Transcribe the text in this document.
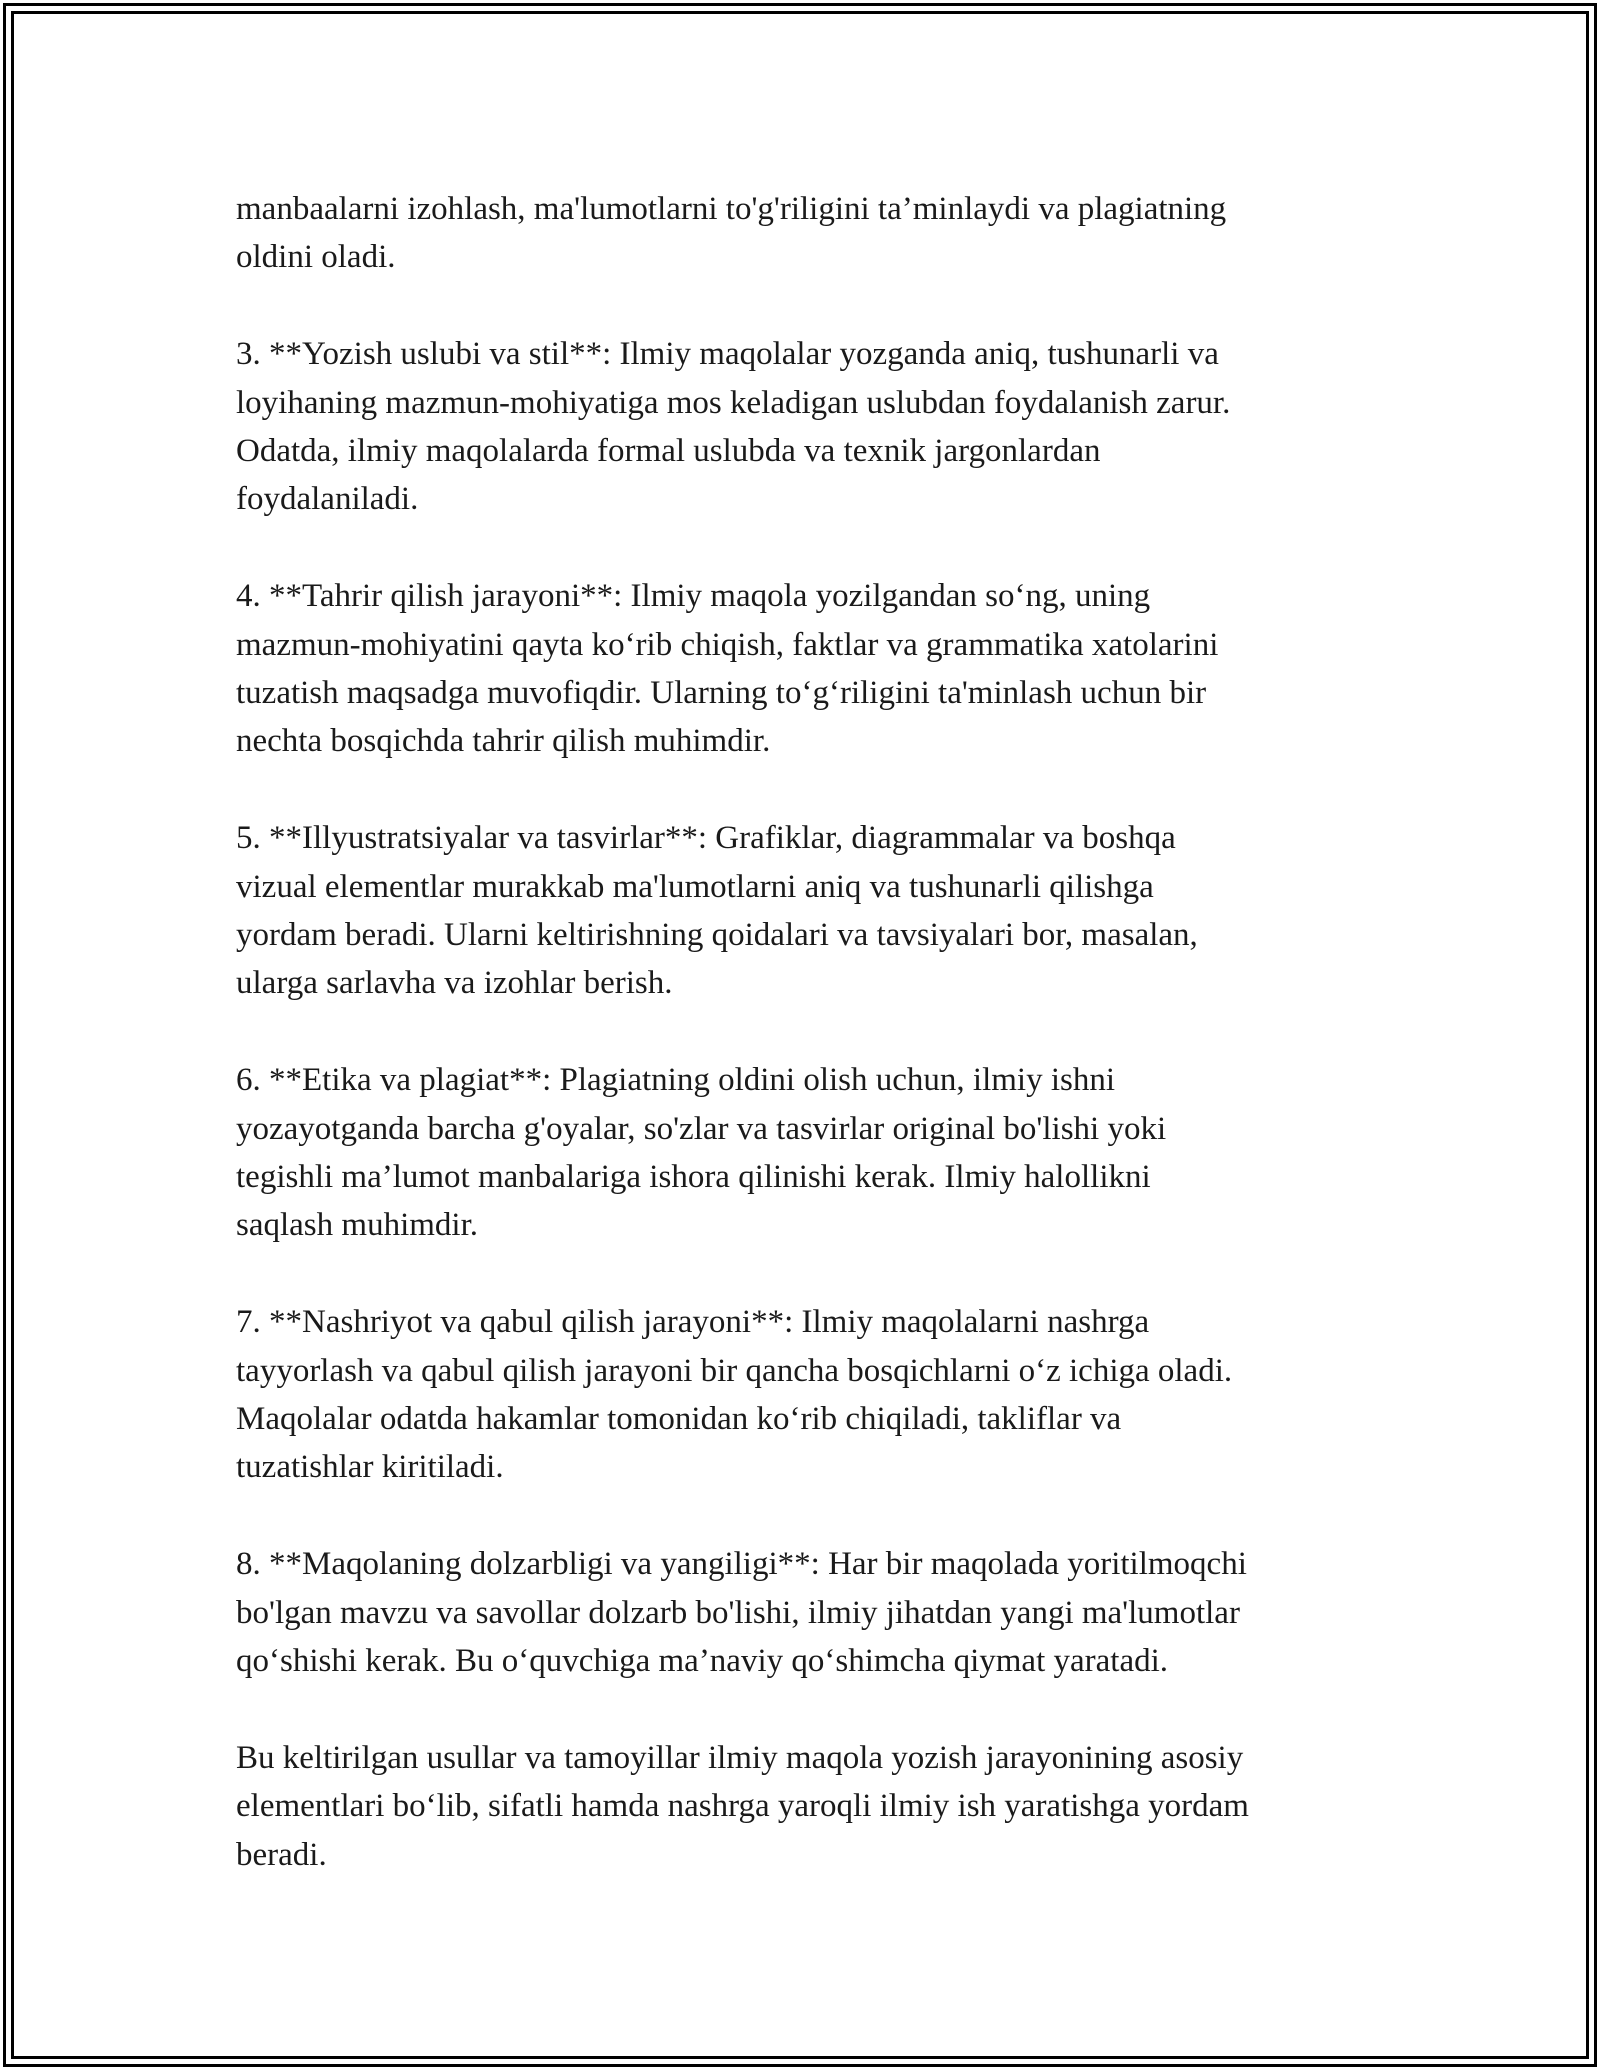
manbaalarni izohlash, ma'lumotlarni to'g'riligini ta’minlaydi va plagiatning
oldini oladi.

3. **Yozish uslubi va stil**: Ilmiy maqolalar yozganda aniq, tushunarli va
loyihaning mazmun-mohiyatiga mos keladigan uslubdan foydalanish zarur.
Odatda, ilmiy maqolalarda formal uslubda va texnik jargonlardan
foydalaniladi.

4. **Tahrir qilish jarayoni**: Ilmiy maqola yozilgandan so‘ng, uning
mazmun-mohiyatini qayta ko‘rib chiqish, faktlar va grammatika xatolarini
tuzatish maqsadga muvofiqdir. Ularning to‘g‘riligini ta'minlash uchun bir
nechta bosqichda tahrir qilish muhimdir.

5. **Illyustratsiyalar va tasvirlar**: Grafiklar, diagrammalar va boshqa
vizual elementlar murakkab ma'lumotlarni aniq va tushunarli qilishga
yordam beradi. Ularni keltirishning qoidalari va tavsiyalari bor, masalan,
ularga sarlavha va izohlar berish.

6. **Etika va plagiat**: Plagiatning oldini olish uchun, ilmiy ishni
yozayotganda barcha g'oyalar, so'zlar va tasvirlar original bo'lishi yoki
tegishli ma’lumot manbalariga ishora qilinishi kerak. Ilmiy halollikni
saqlash muhimdir.

7. **Nashriyot va qabul qilish jarayoni**: Ilmiy maqolalarni nashrga
tayyorlash va qabul qilish jarayoni bir qancha bosqichlarni o‘z ichiga oladi.
Maqolalar odatda hakamlar tomonidan ko‘rib chiqiladi, takliflar va
tuzatishlar kiritiladi.

8. **Maqolaning dolzarbligi va yangiligi**: Har bir maqolada yoritilmoqchi
bo'lgan mavzu va savollar dolzarb bo'lishi, ilmiy jihatdan yangi ma'lumotlar
qo‘shishi kerak. Bu o‘quvchiga ma’naviy qo‘shimcha qiymat yaratadi.

Bu keltirilgan usullar va tamoyillar ilmiy maqola yozish jarayonining asosiy
elementlari bo‘lib, sifatli hamda nashrga yaroqli ilmiy ish yaratishga yordam
beradi.
